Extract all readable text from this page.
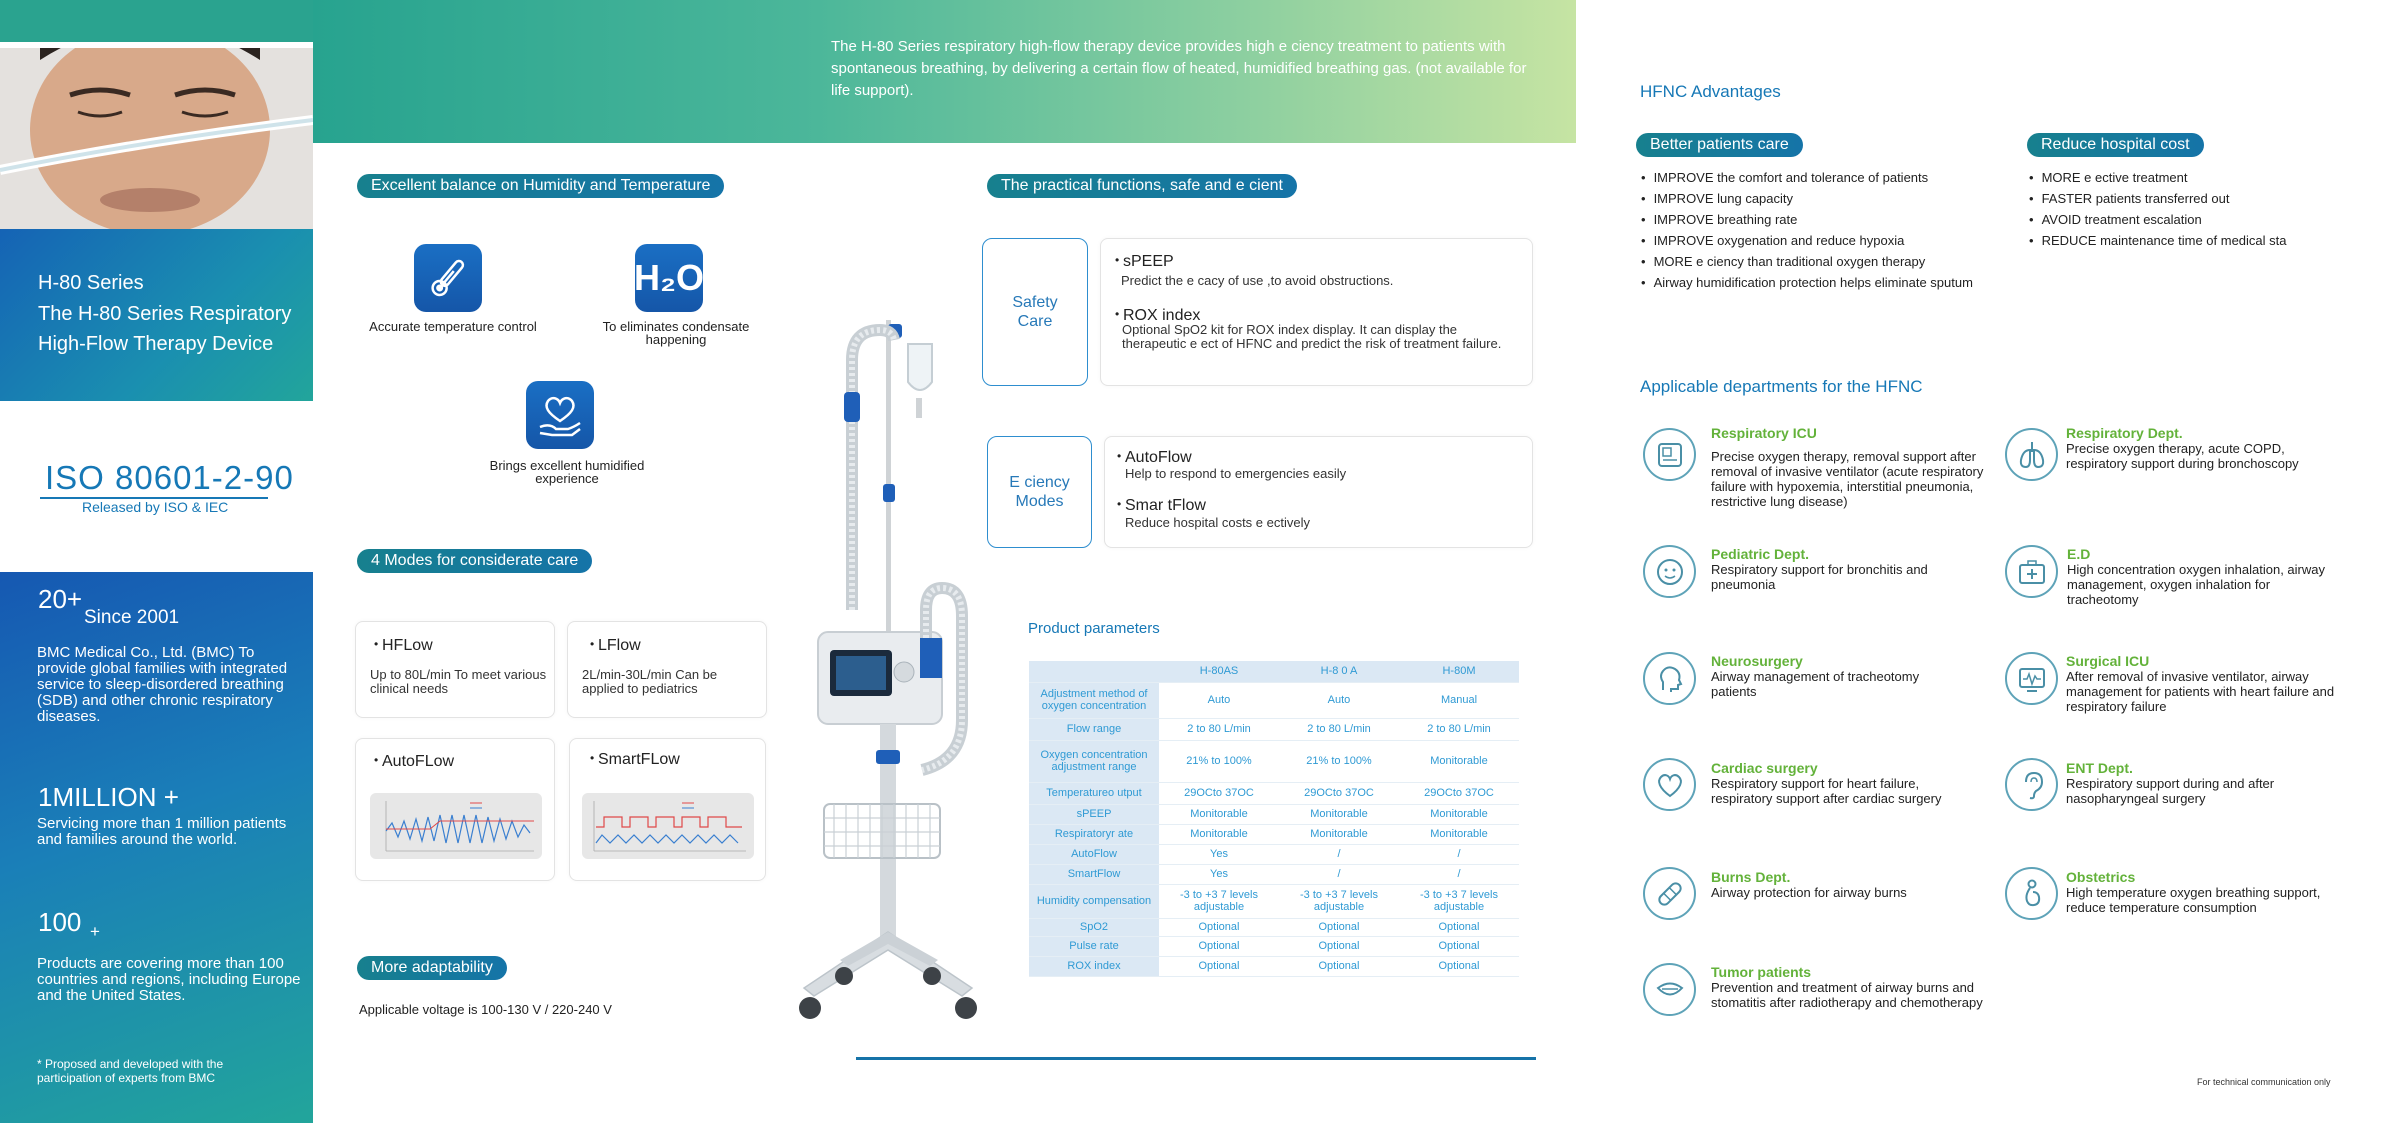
H-80 Series
The H-80 Series Respiratory
High-Flow Therapy Device
ISO 80601-2-90
Released by ISO & IEC
20+
Since 2001
BMC Medical Co., Ltd. (BMC) To provide global families with integrated service to sleep-disordered breathing (SDB) and other chronic respiratory diseases.
1MILLION +
Servicing more than 1 million patients and families around the world.
100 +
Products are covering more than 100 countries and regions, including Europe and the United States.
* Proposed and developed with the participation of experts from BMC
The H-80 Series respiratory high-flow therapy device provides high e ciency treatment to patients with spontaneous breathing, by delivering a certain flow of heated, humidified breathing gas. (not available for life support).
Excellent balance on Humidity and Temperature
Accurate temperature control
H₂O
To eliminates condensate happening
Brings excellent humidified experience
4 Modes for considerate care
• HFLow
Up to 80L/min To meet various clinical needs
• LFlow
2L/min-30L/min Can be applied to pediatrics
• AutoFLow	• SmartFLow
More adaptability
Applicable voltage is 100-130 V / 220-240 V
The practical functions, safe and e cient
Safety Care
• sPEEP
Predict the e cacy of use ,to avoid obstructions.
• ROX index
Optional SpO2 kit for ROX index display. It can display the therapeutic e ect of HFNC and predict the risk of treatment failure.
E ciency Modes
• AutoFlow
Help to respond to emergencies easily
• Smar tFlow
Reduce hospital costs e ectively
Product parameters
	H-80AS	H-8 0 A	H-80M
Adjustment method of oxygen concentration	Auto	Auto	Manual
Flow range	2 to 80 L/min	2 to 80 L/min	2 to 80 L/min
Oxygen concentration adjustment range	21% to 100%	21% to 100%	Monitorable
Temperatureo utput	29OCto 37OC	29OCto 37OC	29OCto 37OC
sPEEP	Monitorable	Monitorable	Monitorable
Respiratoryr ate	Monitorable	Monitorable	Monitorable
AutoFlow	Yes	/	/
SmartFlow	Yes	/	/
Humidity compensation	-3 to +3 7 levels adjustable	-3 to +3 7 levels adjustable	-3 to +3 7 levels adjustable
SpO2	Optional	Optional	Optional
Pulse rate	Optional	Optional	Optional
ROX index	Optional	Optional	Optional
HFNC Advantages
Better patients care
• IMPROVE the comfort and tolerance of patients
• IMPROVE lung capacity
• IMPROVE breathing rate
• IMPROVE oxygenation and reduce hypoxia
• MORE e ciency than traditional oxygen therapy
• Airway humidification protection helps eliminate sputum
Reduce hospital cost
• MORE e ective treatment
• FASTER patients transferred out
• AVOID treatment escalation
• REDUCE maintenance time of medical sta
Applicable departments for the HFNC
Respiratory ICU
Precise oxygen therapy, removal support after removal of invasive ventilator (acute respiratory failure with hypoxemia, interstitial pneumonia, restrictive lung disease)
Pediatric Dept.
Respiratory support for bronchitis and pneumonia
Neurosurgery
Airway management of tracheotomy patients
Cardiac surgery
Respiratory support for heart failure, respiratory support after cardiac surgery
Burns Dept.
Airway protection for airway burns
Tumor patients
Prevention and treatment of airway burns and stomatitis after radiotherapy and chemotherapy
Respiratory Dept.
Precise oxygen therapy, acute COPD, respiratory support during bronchoscopy
E.D
High concentration oxygen inhalation, airway management, oxygen inhalation for tracheotomy
Surgical ICU
After removal of invasive ventilator, airway management for patients with heart failure and respiratory failure
ENT Dept.
Respiratory support during and after nasopharyngeal surgery
Obstetrics
High temperature oxygen breathing support, reduce temperature consumption
For technical communication only
